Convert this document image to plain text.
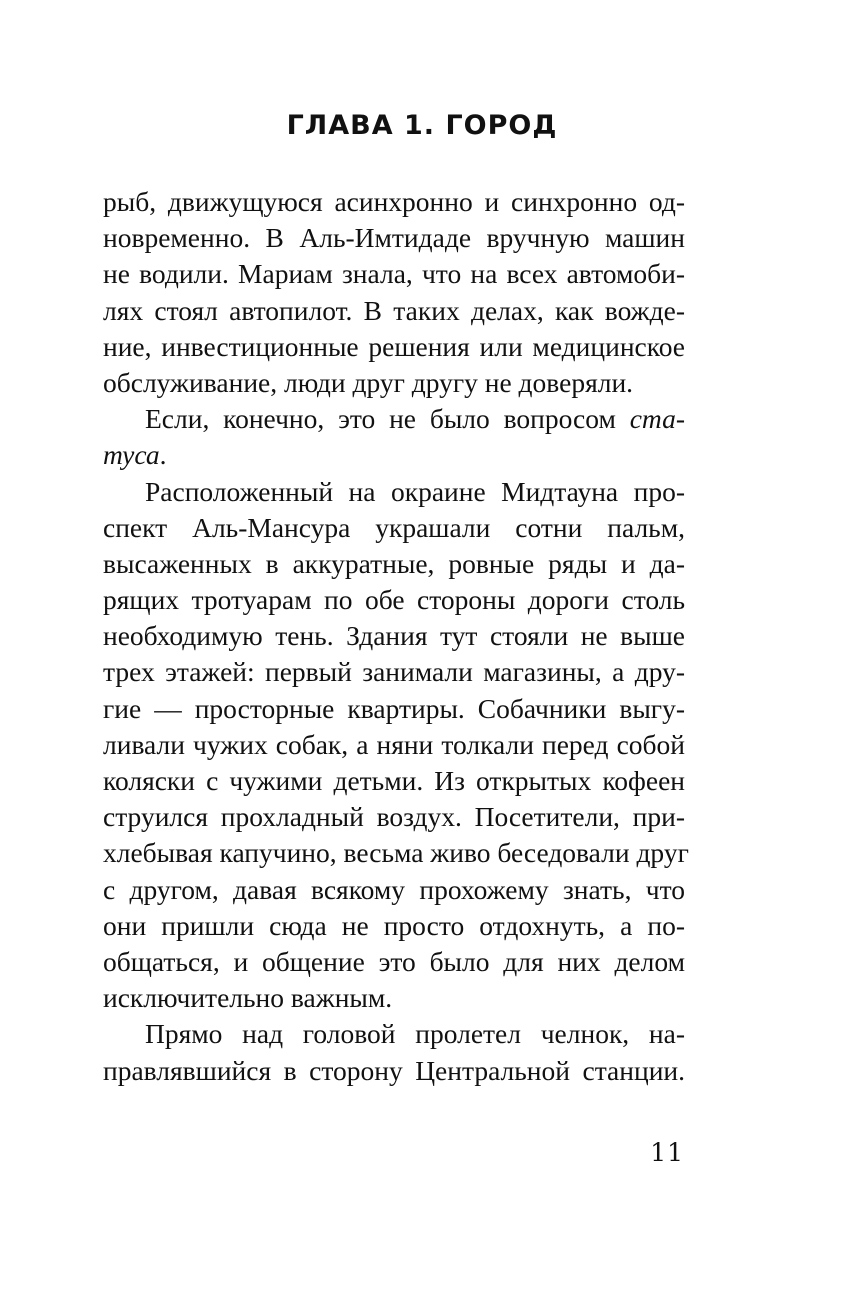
ГЛАВА 1. ГОРОД
рыб, движущуюся асинхронно и синхронно од-
новременно. В Аль-Имтидаде вручную машин
не водили. Мариам знала, что на всех автомоби-
лях стоял автопилот. В таких делах, как вожде-
ние, инвестиционные решения или медицинское
обслуживание, люди друг другу не доверяли.
Если, конечно, это не было вопросом ста-
туса.
Расположенный на окраине Мидтауна про-
спект Аль-Мансура украшали сотни пальм,
высаженных в аккуратные, ровные ряды и да-
рящих тротуарам по обе стороны дороги столь
необходимую тень. Здания тут стояли не выше
трех этажей: первый занимали магазины, а дру-
гие — просторные квартиры. Собачники выгу-
ливали чужих собак, а няни толкали перед собой
коляски с чужими детьми. Из открытых кофеен
струился прохладный воздух. Посетители, при-
хлебывая капучино, весьма живо беседовали друг
с другом, давая всякому прохожему знать, что
они пришли сюда не просто отдохнуть, а по-
общаться, и общение это было для них делом
исключительно важным.
Прямо над головой пролетел челнок, на-
правлявшийся в сторону Центральной станции.
11
